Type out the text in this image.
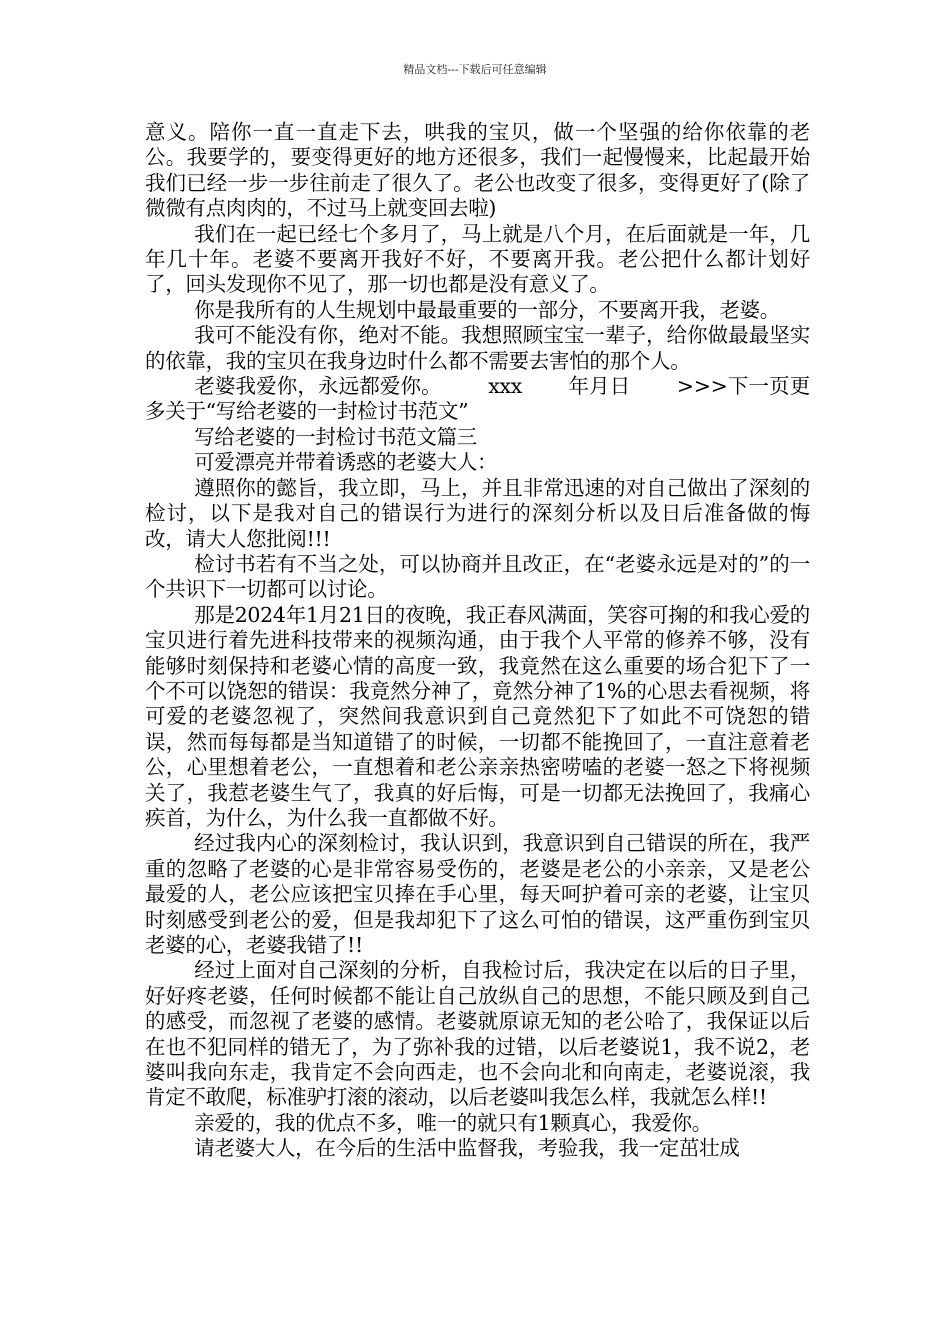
精品文档---下载后可任意编辑

意义。陪你一直一直走下去，哄我的宝贝，做一个坚强的给你依靠的老公。我要学的，要变得更好的地方还很多，我们一起慢慢来，比起最开始我们已经一步一步往前走了很久了。老公也改变了很多，变得更好了(除了微微有点肉肉的，不过马上就变回去啦)

我们在一起已经七个多月了，马上就是八个月，在后面就是一年，几年几十年。老婆不要离开我好不好，不要离开我。老公把什么都计划好了，回头发现你不见了，那一切也都是没有意义了。

你是我所有的人生规划中最最重要的一部分，不要离开我，老婆。

我可不能没有你，绝对不能。我想照顾宝宝一辈子，给你做最最坚实的依靠，我的宝贝在我身边时什么都不需要去害怕的那个人。

老婆我爱你，永远都爱你。       xxx       年月日       >>>下一页更多关于“写给老婆的一封检讨书范文”

写给老婆的一封检讨书范文篇三

可爱漂亮并带着诱惑的老婆大人：

遵照你的懿旨，我立即，马上，并且非常迅速的对自己做出了深刻的检讨，以下是我对自己的错误行为进行的深刻分析以及日后准备做的悔改，请大人您批阅!!!

检讨书若有不当之处，可以协商并且改正，在“老婆永远是对的”的一个共识下一切都可以讨论。

那是2024年1月21日的夜晚，我正春风满面，笑容可掬的和我心爱的宝贝进行着先进科技带来的视频沟通，由于我个人平常的修养不够，没有能够时刻保持和老婆心情的高度一致，我竟然在这么重要的场合犯下了一个不可以饶恕的错误：我竟然分神了，竟然分神了1%的心思去看视频，将可爱的老婆忽视了，突然间我意识到自己竟然犯下了如此不可饶恕的错误，然而每每都是当知道错了的时候，一切都不能挽回了，一直注意着老公，心里想着老公，一直想着和老公亲亲热密唠嗑的老婆一怒之下将视频关了，我惹老婆生气了，我真的好后悔，可是一切都无法挽回了，我痛心疾首，为什么，为什么我一直都做不好。

经过我内心的深刻检讨，我认识到，我意识到自己错误的所在，我严重的忽略了老婆的心是非常容易受伤的，老婆是老公的小亲亲，又是老公最爱的人，老公应该把宝贝捧在手心里，每天呵护着可亲的老婆，让宝贝时刻感受到老公的爱，但是我却犯下了这么可怕的错误，这严重伤到宝贝老婆的心，老婆我错了!!

经过上面对自己深刻的分析，自我检讨后，我决定在以后的日子里，好好疼老婆，任何时候都不能让自己放纵自己的思想，不能只顾及到自己的感受，而忽视了老婆的感情。老婆就原谅无知的老公哈了，我保证以后在也不犯同样的错无了，为了弥补我的过错，以后老婆说1，我不说2，老婆叫我向东走，我肯定不会向西走，也不会向北和向南走，老婆说滚，我肯定不敢爬，标准驴打滚的滚动，以后老婆叫我怎么样，我就怎么样!!

亲爱的，我的优点不多，唯一的就只有1颗真心，我爱你。

请老婆大人，在今后的生活中监督我，考验我，我一定茁壮成
